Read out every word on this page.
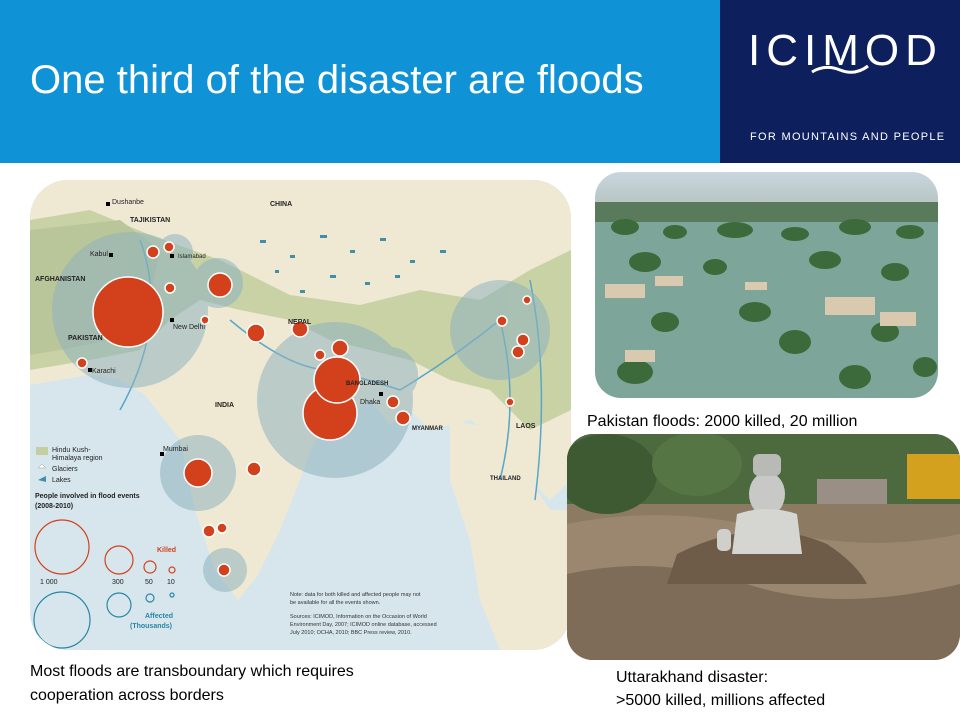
One third of the disaster are floods
ICIMOD
FOR MOUNTAINS AND PEOPLE
Dushanbe
TAJIKISTAN
CHINA
Kabul	Islamabad
AFGHANISTAN
PAKISTAN
New Delhi
NEPAL
Karachi
INDIA
BANGLADESH
Dhaka
MYANMAR	LAOS
Mumbai
THAILAND
Hindu Kush-
Himalaya region
Glaciers
Lakes
People involved in flood events
(2008-2010)
Killed
1 000	300	50 10
Affected
(Thousands)
Note: data for both killed and affected people may not
be available for all the events shown.
Sources: ICIMOD, Information on the Occasion of World
Environment Day, 2007; ICIMOD online database, accessed
July 2010; OCHA, 2010; BBC Press review, 2010.
Pakistan floods: 2000 killed, 20 million
Most floods are transboundary which requires
cooperation across borders
Uttarakhand disaster:
>5000 killed, millions affected
